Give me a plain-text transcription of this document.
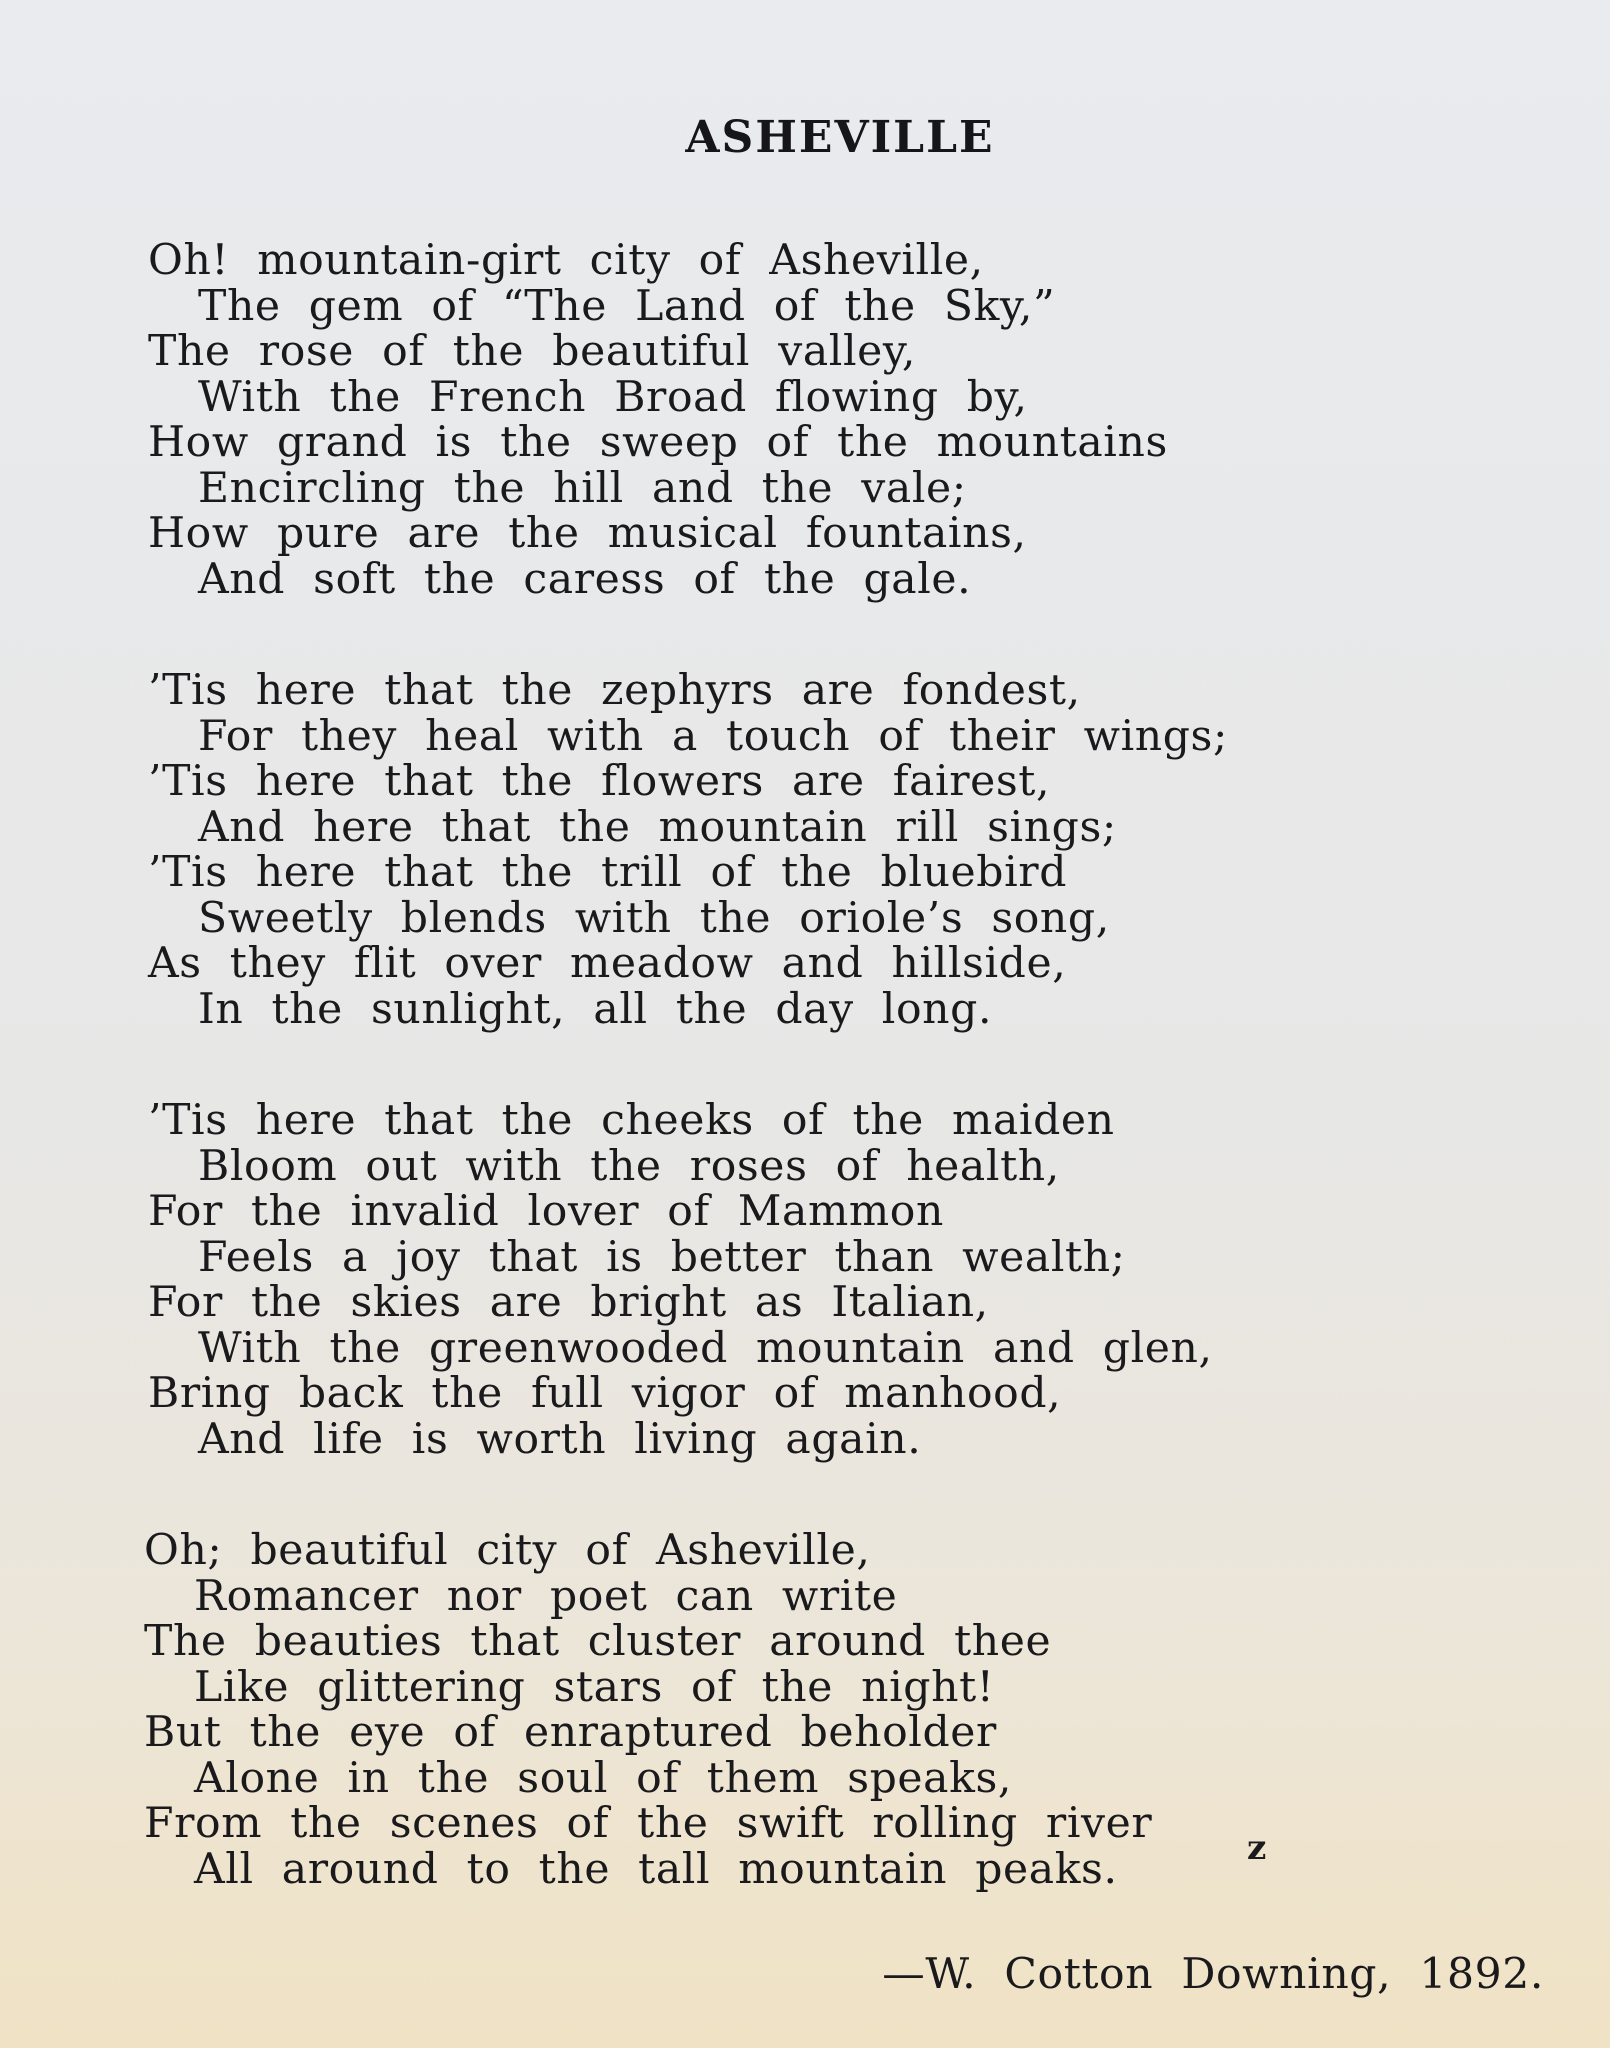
ASHEVILLE
Oh! mountain-girt city of Asheville,
The gem of “The Land of the Sky,”
The rose of the beautiful valley,
With the French Broad flowing by,
How grand is the sweep of the mountains
Encircling the hill and the vale;
How pure are the musical fountains,
And soft the caress of the gale.
’Tis here that the zephyrs are fondest,
For they heal with a touch of their wings;
’Tis here that the flowers are fairest,
And here that the mountain rill sings;
’Tis here that the trill of the bluebird
Sweetly blends with the oriole’s song,
As they flit over meadow and hillside,
In the sunlight, all the day long.
’Tis here that the cheeks of the maiden
Bloom out with the roses of health,
For the invalid lover of Mammon
Feels a joy that is better than wealth;
For the skies are bright as Italian,
With the greenwooded mountain and glen,
Bring back the full vigor of manhood,
And life is worth living again.
Oh; beautiful city of Asheville,
Romancer nor poet can write
The beauties that cluster around thee
Like glittering stars of the night!
But the eye of enraptured beholder
Alone in the soul of them speaks,
From the scenes of the swift rolling river
All around to the tall mountain peaks.	z
—W. Cotton Downing, 1892.
